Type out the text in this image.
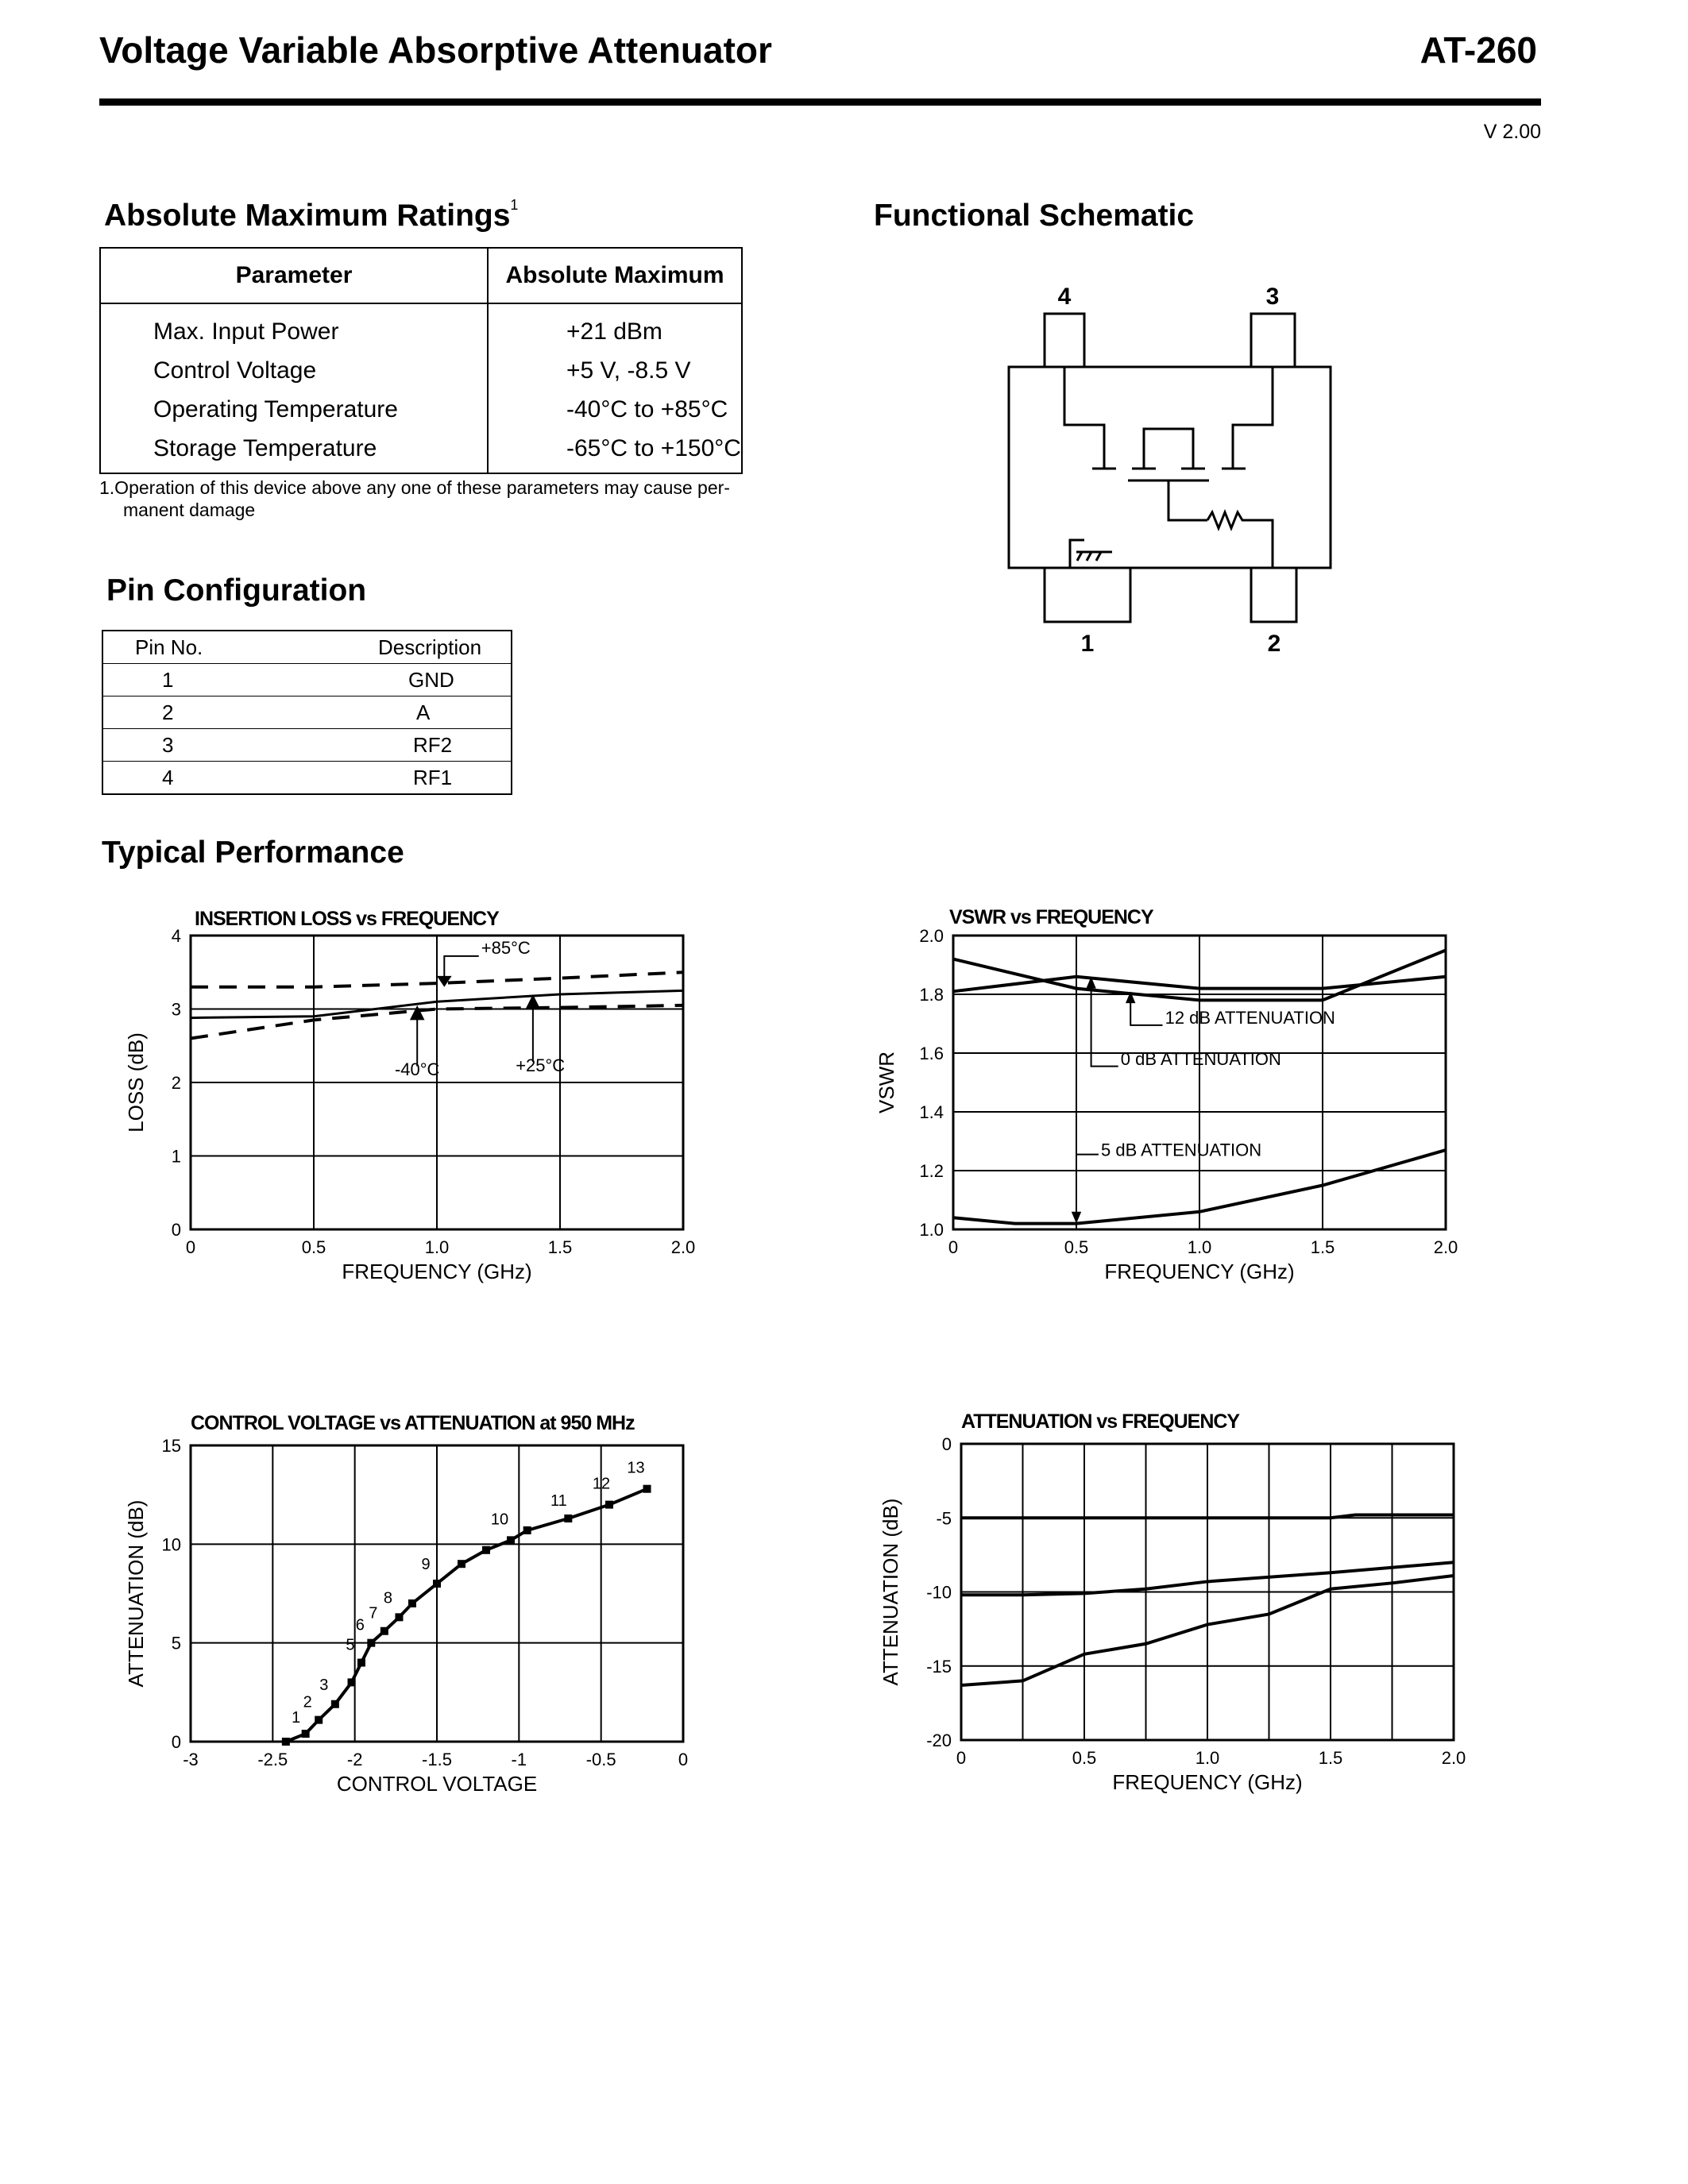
Voltage Variable Absorptive Attenuator	AT-260
V 2.00
Absolute Maximum Ratings$^1$
Parameter	Absolute Maximum
Max. Input Power	+21 dBm
Control Voltage	+5 V, -8.5 V
Operating Temperature	-40°C to +85°C
Storage Temperature	-65°C to +150°C
1.Operation of this device above any one of these parameters may cause per-
manent damage
Pin Configuration
Pin No.	Description
1	GND
2	A
3	RF2
4	RF1
Functional Schematic
4	3
1	2
Typical Performance
INSERTION LOSS vs FREQUENCY
0	0.5	1.0	1.5	2.0
0
1
2
3
4
FREQUENCY (GHz)
LOSS (dB)
+85°C
-40°C	+25°C
VSWR vs FREQUENCY
0	0.5	1.0	1.5	2.0
1.0
1.2
1.4
1.6
1.8
2.0
FREQUENCY (GHz)
VSWR
12 dB ATTENUATION
0 dB ATTENUATION
5 dB ATTENUATION
CONTROL VOLTAGE vs ATTENUATION at 950 MHz
-3	-2.5	-2	-1.5	-1	-0.5	0
0
5
10
15
CONTROL VOLTAGE
ATTENUATION (dB)
1
2
3
5
6
7
8
9
10
11
12
13
ATTENUATION vs FREQUENCY
0	0.5	1.0	1.5	2.0
0
-5
-10
-15
-20
FREQUENCY (GHz)
ATTENUATION (dB)
